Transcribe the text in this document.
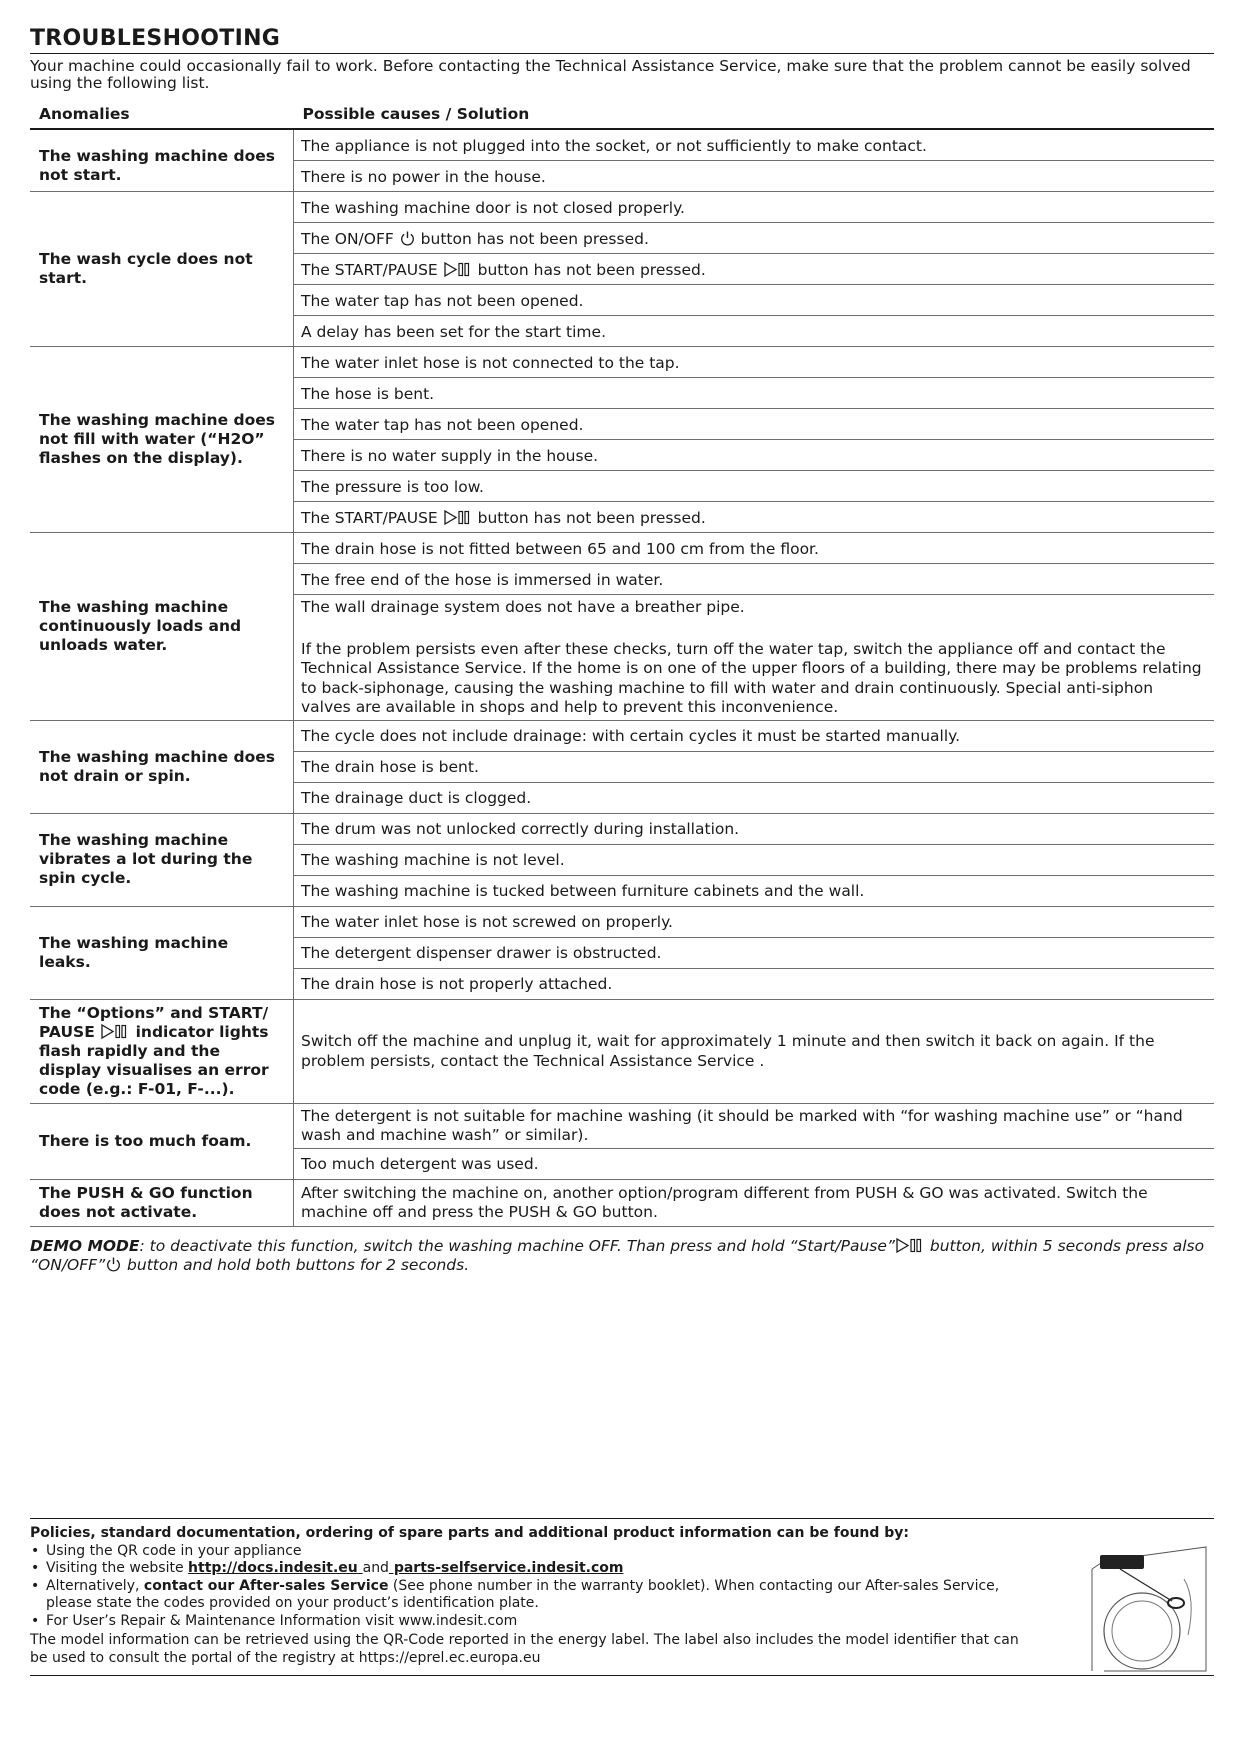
TROUBLESHOOTING
Your machine could occasionally fail to work. Before contacting the Technical Assistance Service, make sure that the problem cannot be easily solved using the following list.
Anomalies	Possible causes / Solution
The washing machine does not start.	The appliance is not plugged into the socket, or not sufficiently to make contact.
	There is no power in the house.
The wash cycle does not start.	The washing machine door is not closed properly.
	The ON/OFF  button has not been pressed.
	The START/PAUSE  button has not been pressed.
	The water tap has not been opened.
	A delay has been set for the start time.
The washing machine does not fill with water (“H2O” flashes on the display).	The water inlet hose is not connected to the tap.
	The hose is bent.
	The water tap has not been opened.
	There is no water supply in the house.
	The pressure is too low.
	The START/PAUSE  button has not been pressed.
The washing machine continuously loads and unloads water.	The drain hose is not fitted between 65 and 100 cm from the floor.
	The free end of the hose is immersed in water.
	The wall drainage system does not have a breather pipe.
If the problem persists even after these checks, turn off the water tap, switch the appliance off and contact the Technical Assistance Service. If the home is on one of the upper floors of a building, there may be problems relating to back-siphonage, causing the washing machine to fill with water and drain continuously. Special anti-siphon valves are available in shops and help to prevent this inconvenience.

The washing machine does not drain or spin.	The cycle does not include drainage: with certain cycles it must be started manually.
	The drain hose is bent.
	The drainage duct is clogged.
The washing machine vibrates a lot during the spin cycle.	The drum was not unlocked correctly during installation.
	The washing machine is not level.
	The washing machine is tucked between furniture cabinets and the wall.
The washing machine leaks.	The water inlet hose is not screwed on properly.
	The detergent dispenser drawer is obstructed.
	The drain hose is not properly attached.
The “Options” and START/ PAUSE  indicator lights flash rapidly and the display visualises an error code (e.g.: F-01, F-...).	Switch off the machine and unplug it, wait for approximately 1 minute and then switch it back on again. If the problem persists, contact the Technical Assistance Service .
There is too much foam.	The detergent is not suitable for machine washing (it should be marked with “for washing machine use” or “hand wash and machine wash” or similar).
	Too much detergent was used.
The PUSH & GO function does not activate.	After switching the machine on, another option/program different from PUSH & GO was activated. Switch the machine off and press the PUSH & GO button.
DEMO MODE: to deactivate this function, switch the washing machine OFF. Than press and hold “Start/Pause” button, within 5 seconds press also “ON/OFF” button and hold both buttons for 2 seconds.
Policies, standard documentation, ordering of spare parts and additional product information can be found by:
• Using the QR code in your appliance
• Visiting the website http://docs.indesit.eu and parts-selfservice.indesit.com
• Alternatively, contact our After-sales Service (See phone number in the warranty booklet). When contacting our After-sales Service, please state the codes provided on your product’s identification plate.
• For User’s Repair & Maintenance Information visit www.indesit.com
The model information can be retrieved using the QR-Code reported in the energy label. The label also includes the model identifier that can be used to consult the portal of the registry at https://eprel.ec.europa.eu
